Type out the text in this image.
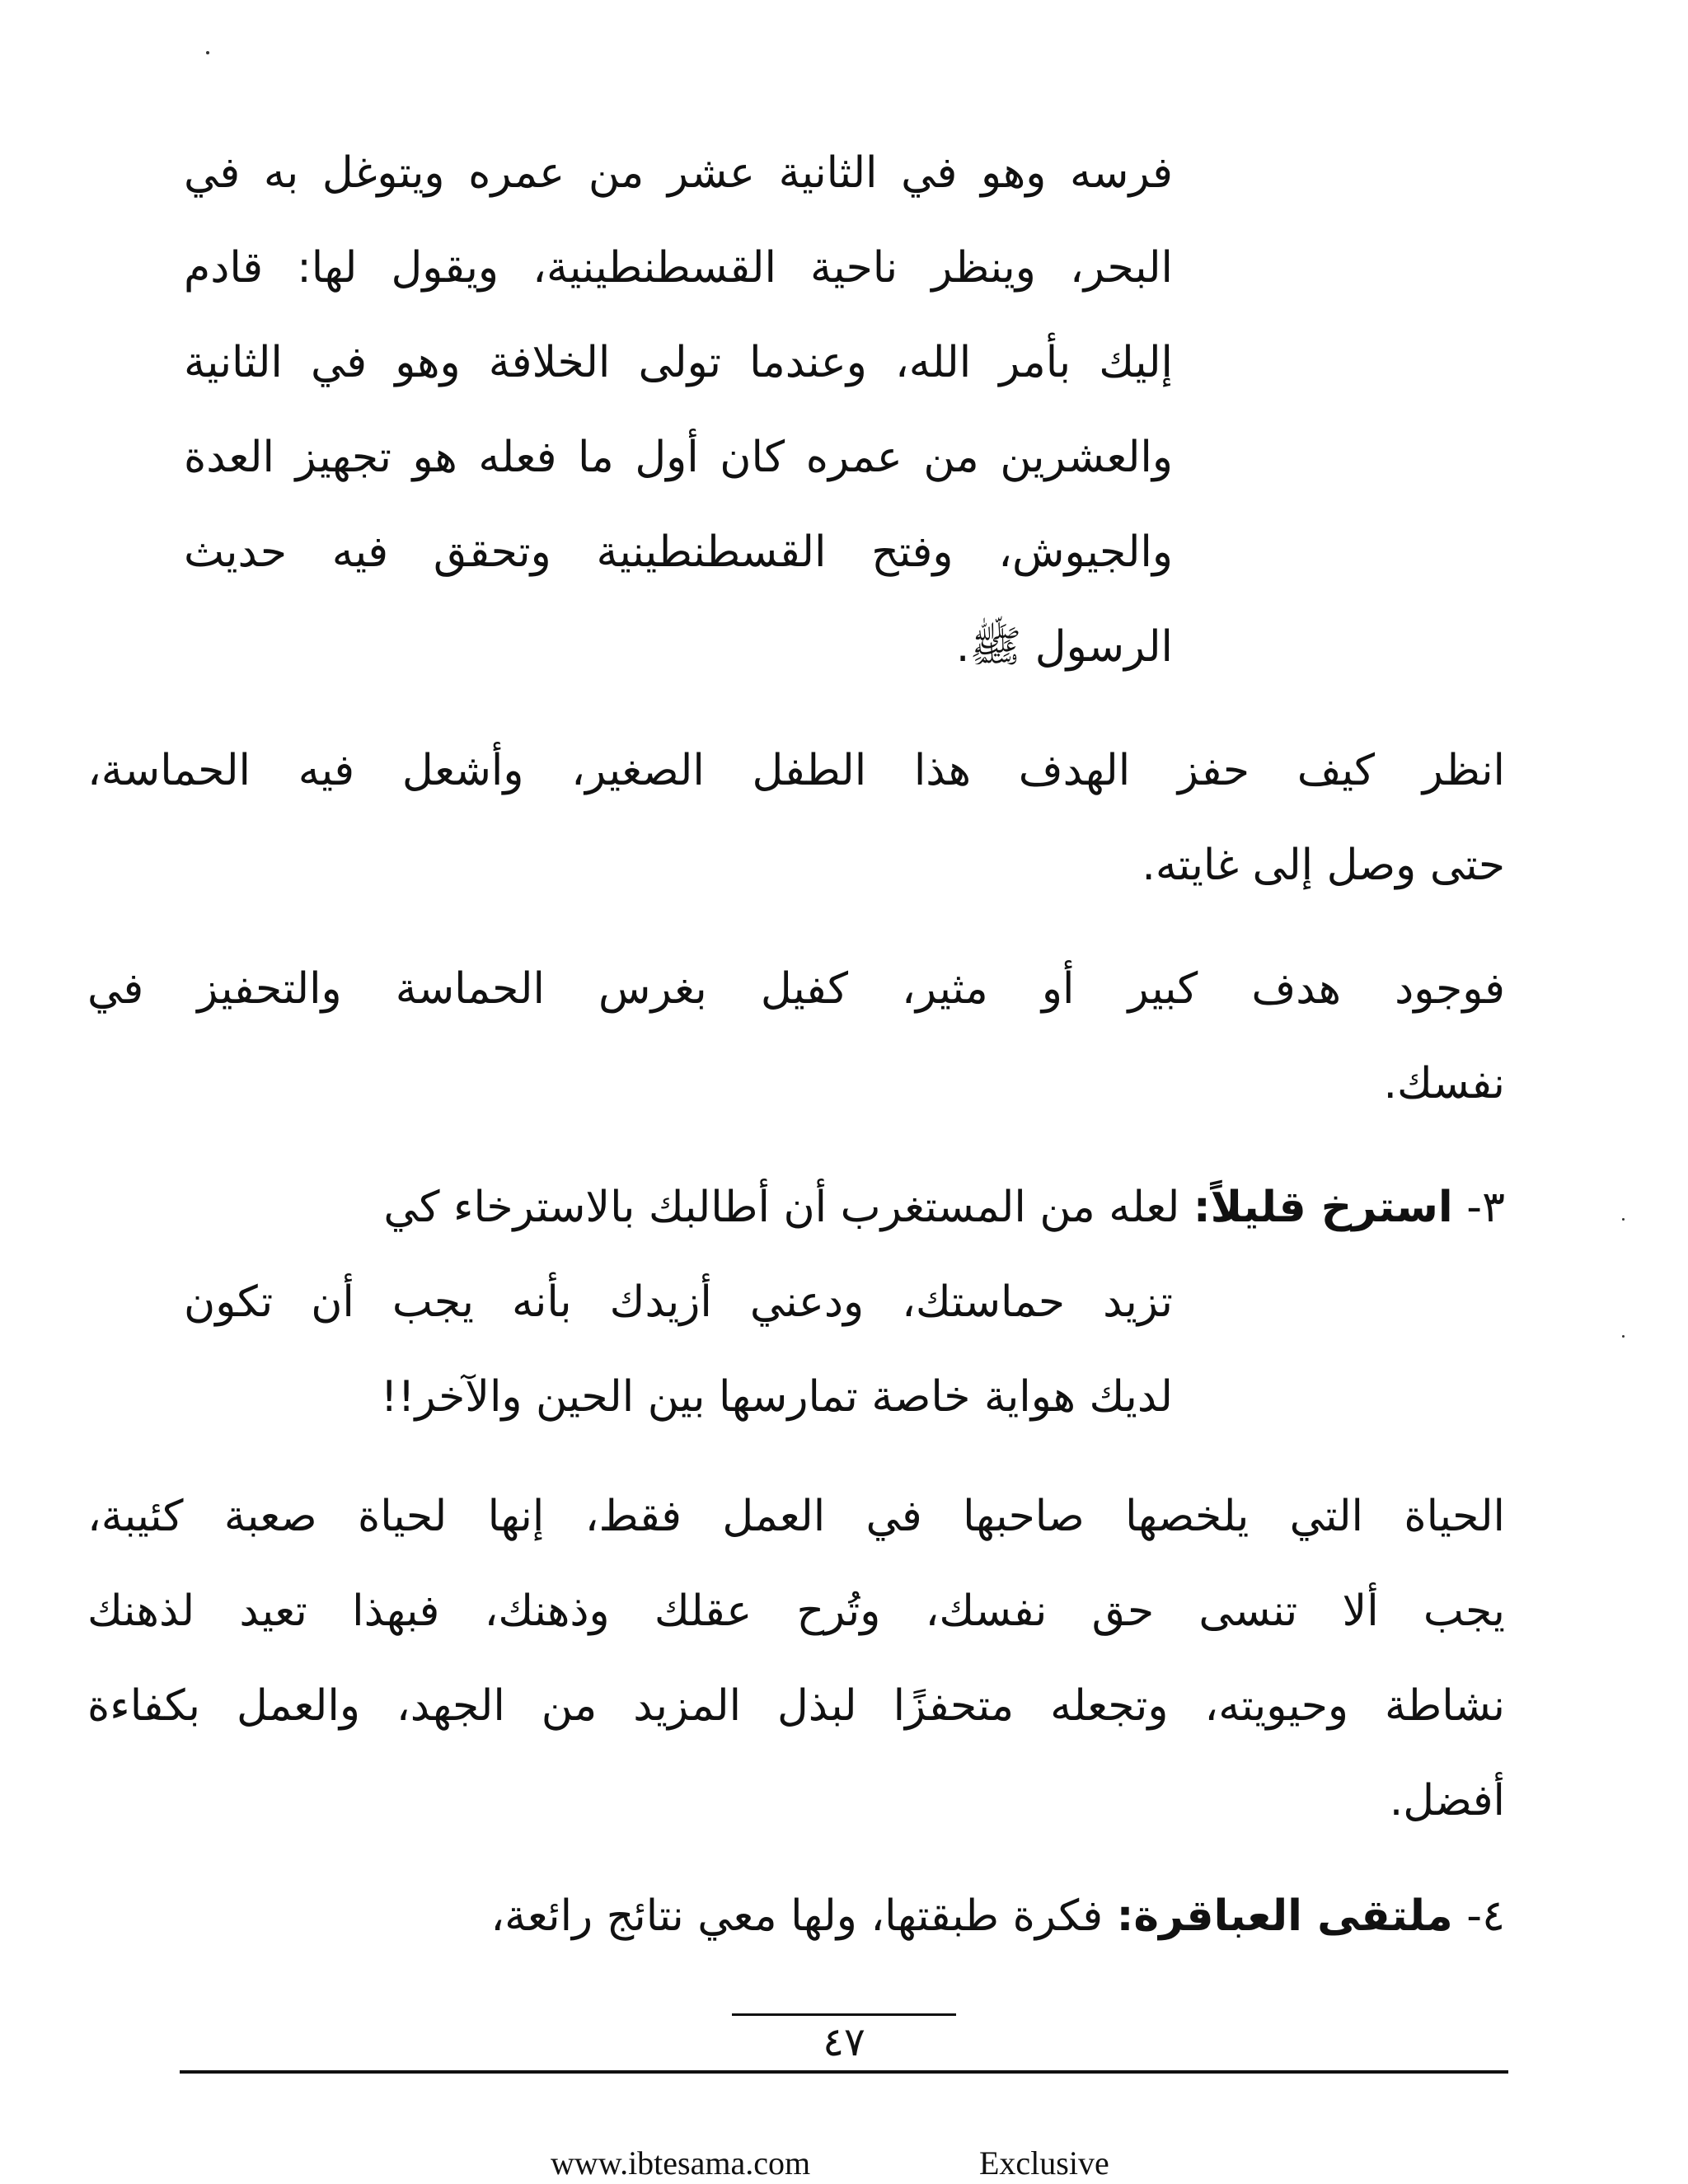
فرسه وهو في الثانية عشر من عمره ويتوغل به في
البحر، وينظر ناحية القسطنطينية، ويقول لها: قادم
إليك بأمر الله، وعندما تولى الخلافة وهو في الثانية
والعشرين من عمره كان أول ما فعله هو تجهيز العدة
والجيوش، وفتح القسطنطينية وتحقق فيه حديث
الرسول ﷺ.
انظر كيف حفز الهدف هذا الطفل الصغير، وأشعل فيه الحماسة،
حتى وصل إلى غايته.
فوجود هدف كبير أو مثير، كفيل بغرس الحماسة والتحفيز في
نفسك.
٣- استرخ قليلاً: لعله من المستغرب أن أطالبك بالاسترخاء كي
تزيد حماستك، ودعني أزيدك بأنه يجب أن تكون
لديك هواية خاصة تمارسها بين الحين والآخر!!
الحياة التي يلخصها صاحبها في العمل فقط، إنها لحياة صعبة كئيبة،
يجب ألا تنسى حق نفسك، وتُرح عقلك وذهنك، فبهذا تعيد لذهنك
نشاطة وحيويته، وتجعله متحفزًا لبذل المزيد من الجهد، والعمل بكفاءة
أفضل.
٤- ملتقى العباقرة: فكرة طبقتها، ولها معي نتائج رائعة،
٤٧
www.ibtesama.com	Exclusive
